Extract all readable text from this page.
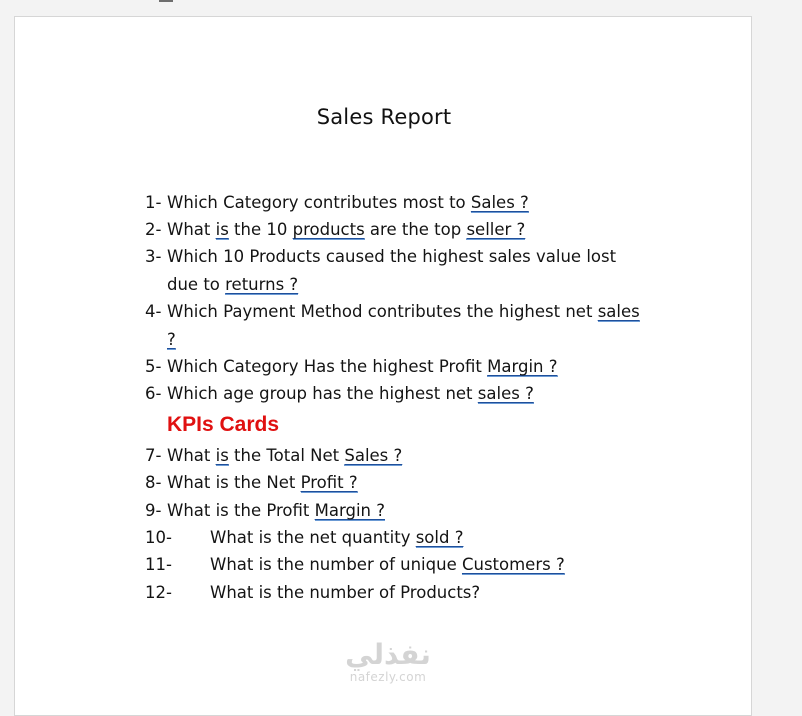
Sales Report
1- Which Category contributes most to Sales ?
2- What is the 10 products are the top seller ?
3- Which 10 Products caused the highest sales value lost
due to returns ?
4- Which Payment Method contributes the highest net sales
?
5- Which Category Has the highest Profit Margin ?
6- Which age group has the highest net sales ?
KPIs Cards
7- What is the Total Net Sales ?
8- What is the Net Profit ?
9- What is the Profit Margin ?
10- What is the net quantity sold ?
11- What is the number of unique Customers ?
12- What is the number of Products?
نفذلي
nafezly.com
